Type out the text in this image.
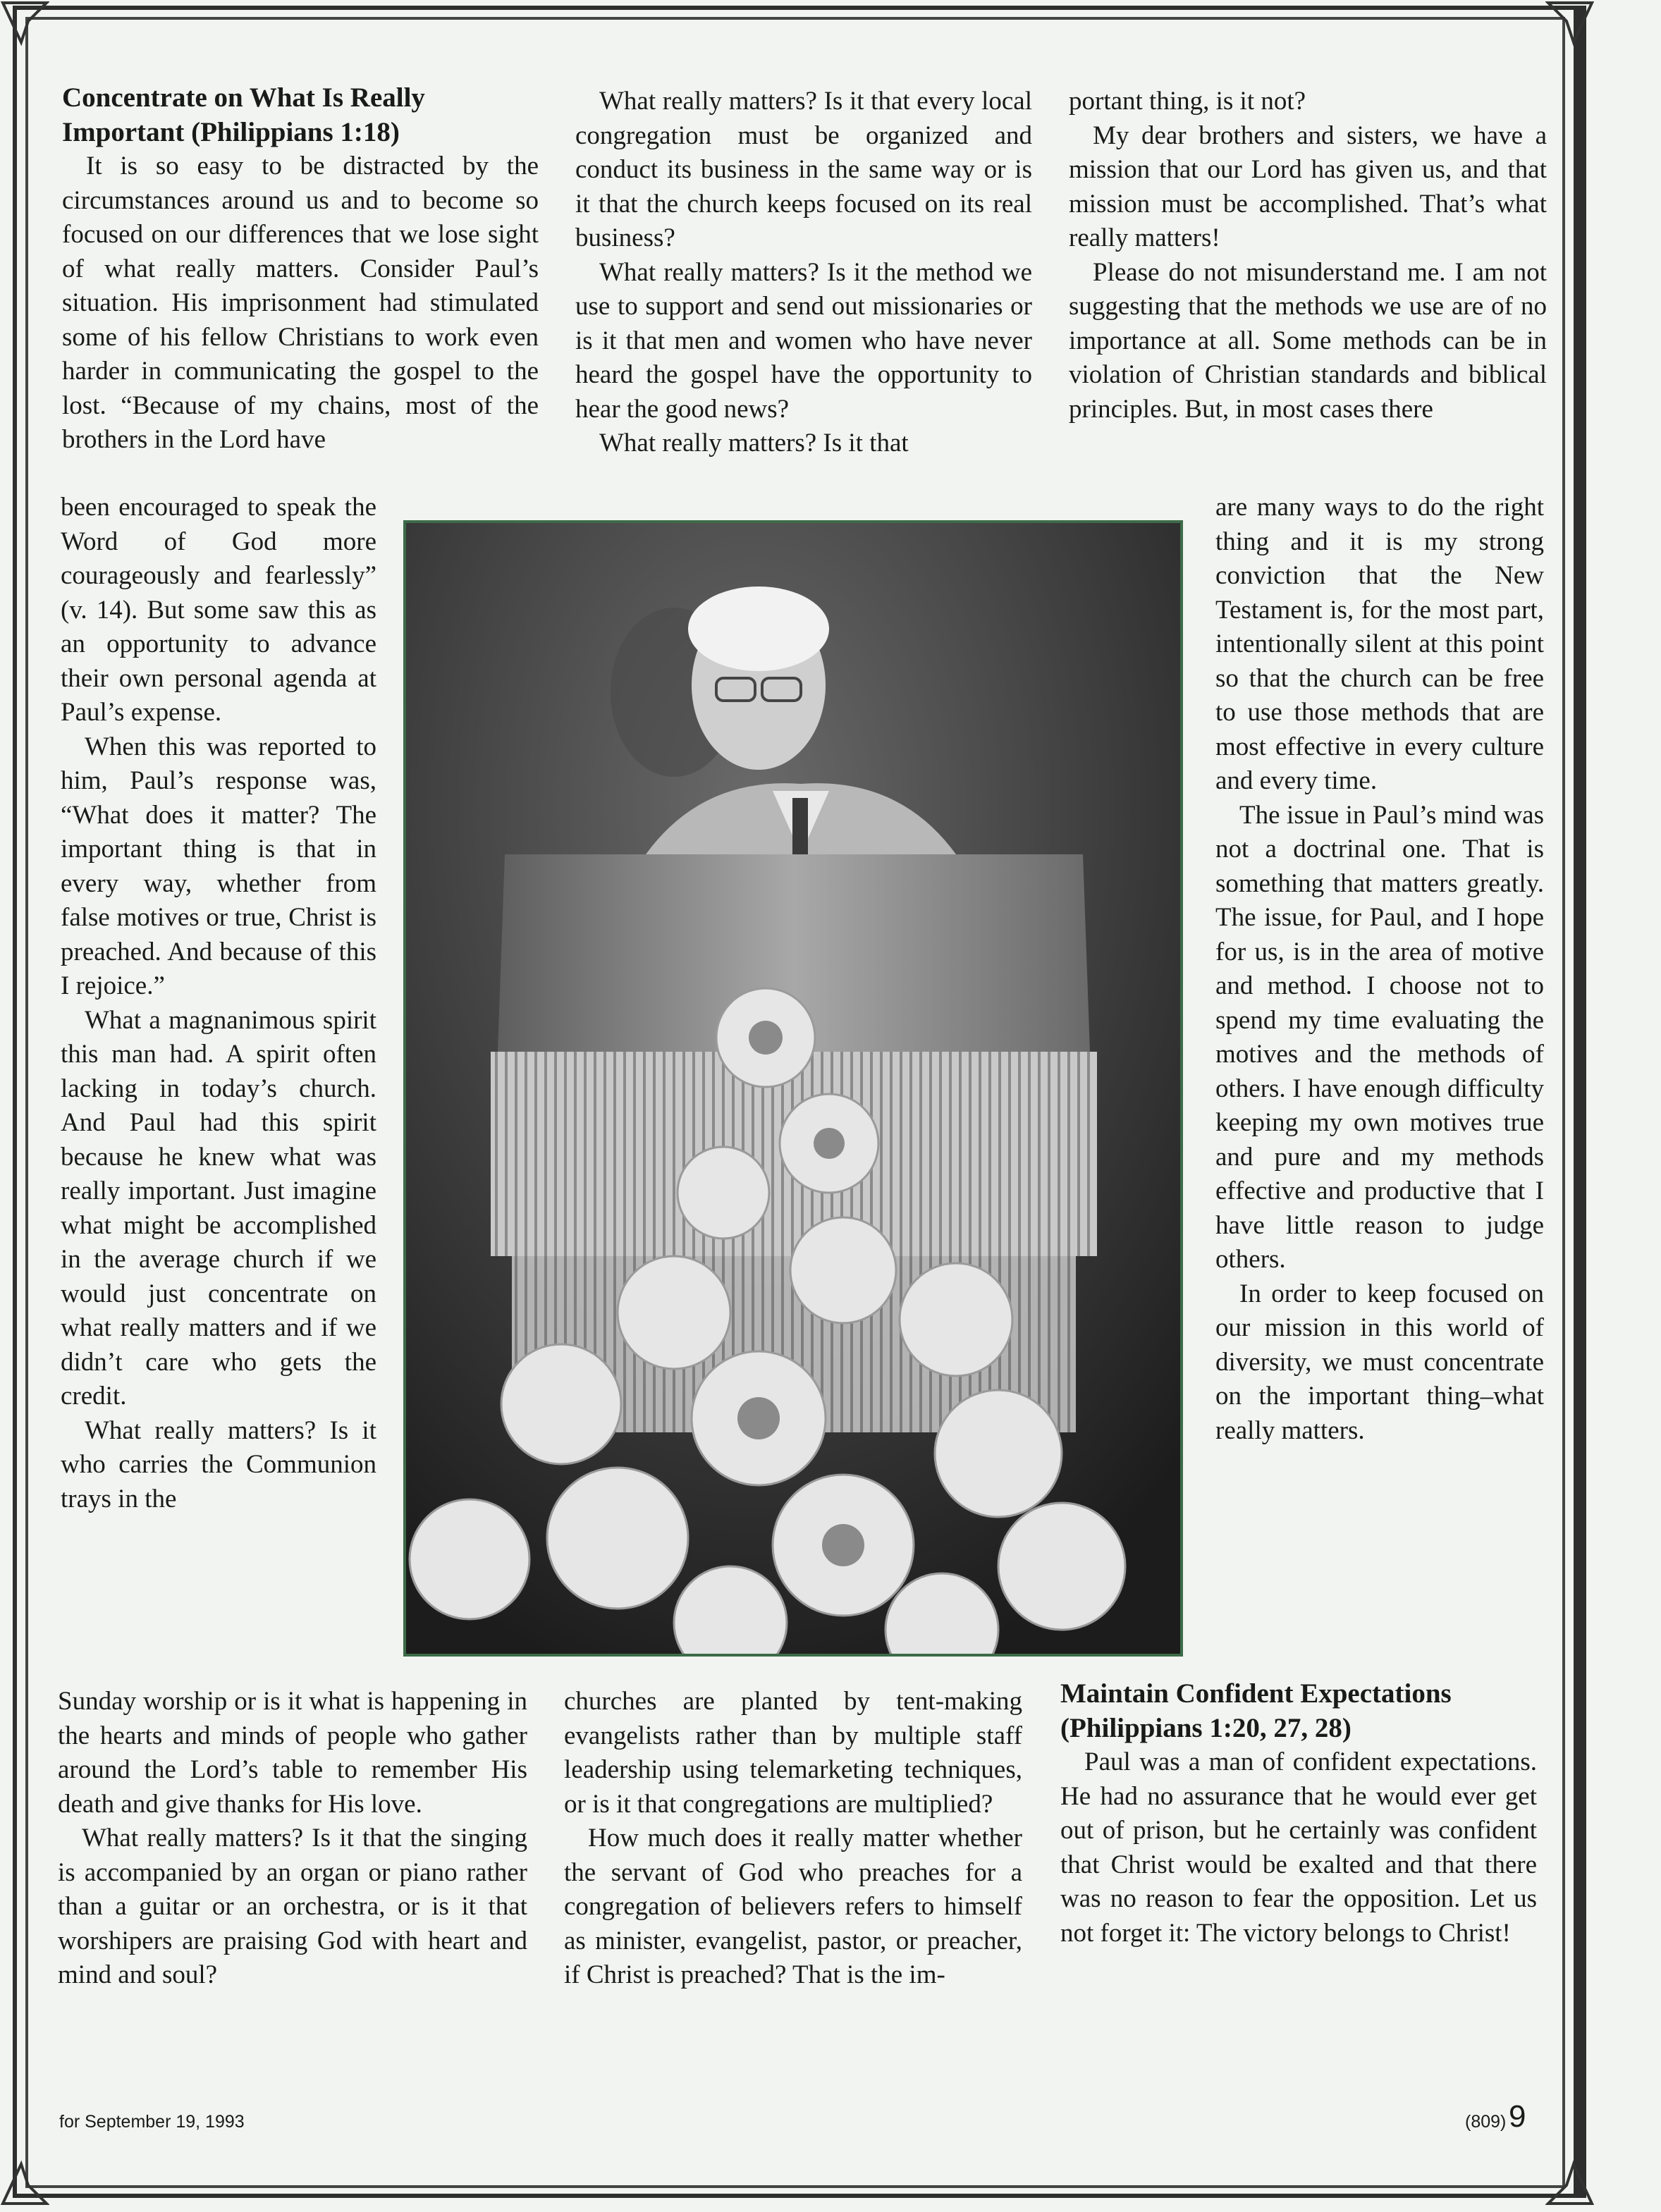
Concentrate on What Is Really Important (Philippians 1:18)

It is so easy to be distracted by the circumstances around us and to become so focused on our differences that we lose sight of what really matters. Consider Paul’s situation. His imprisonment had stimulated some of his fellow Christians to work even harder in communicating the gospel to the lost. “Because of my chains, most of the brothers in the Lord have

been encouraged to speak the Word of God more courageously and fearlessly” (v. 14). But some saw this as an opportunity to advance their own personal agenda at Paul’s expense.

When this was reported to him, Paul’s response was, “What does it matter? The important thing is that in every way, whether from false motives or true, Christ is preached. And because of this I rejoice.”

What a magnanimous spirit this man had. A spirit often lacking in today’s church. And Paul had this spirit because he knew what was really important. Just imagine what might be accomplished in the average church if we would just concentrate on what really matters and if we didn’t care who gets the credit.

What really matters? Is it who carries the Communion trays in the

Sunday worship or is it what is happening in the hearts and minds of people who gather around the Lord’s table to remember His death and give thanks for His love.

What really matters? Is it that the singing is accompanied by an organ or piano rather than a guitar or an orchestra, or is it that worshipers are praising God with heart and mind and soul?

What really matters? Is it that every local congregation must be organized and conduct its business in the same way or is it that the church keeps focused on its real business?

What really matters? Is it the method we use to support and send out missionaries or is it that men and women who have never heard the gospel have the opportunity to hear the good news?

What really matters? Is it that

churches are planted by tent-making evangelists rather than by multiple staff leadership using telemarketing techniques, or is it that congregations are multiplied?

How much does it really matter whether the servant of God who preaches for a congregation of believers refers to himself as minister, evangelist, pastor, or preacher, if Christ is preached? That is the im-

portant thing, is it not?

My dear brothers and sisters, we have a mission that our Lord has given us, and that mission must be accomplished. That’s what really matters!

Please do not misunderstand me. I am not suggesting that the methods we use are of no importance at all. Some methods can be in violation of Christian standards and biblical principles. But, in most cases there

are many ways to do the right thing and it is my strong conviction that the New Testament is, for the most part, intentionally silent at this point so that the church can be free to use those methods that are most effective in every culture and every time.

The issue in Paul’s mind was not a doctrinal one. That is something that matters greatly. The issue, for Paul, and I hope for us, is in the area of motive and method. I choose not to spend my time evaluating the motives and the methods of others. I have enough difficulty keeping my own motives true and pure and my methods effective and productive that I have little reason to judge others.

In order to keep focused on our mission in this world of diversity, we must concentrate on the important thing–what really matters.

Maintain Confident Expectations (Philippians 1:20, 27, 28)

Paul was a man of confident expectations. He had no assurance that he would ever get out of prison, but he certainly was confident that Christ would be exalted and that there was no reason to fear the opposition. Let us not forget it: The victory belongs to Christ!

for September 19, 1993	(809) 9
